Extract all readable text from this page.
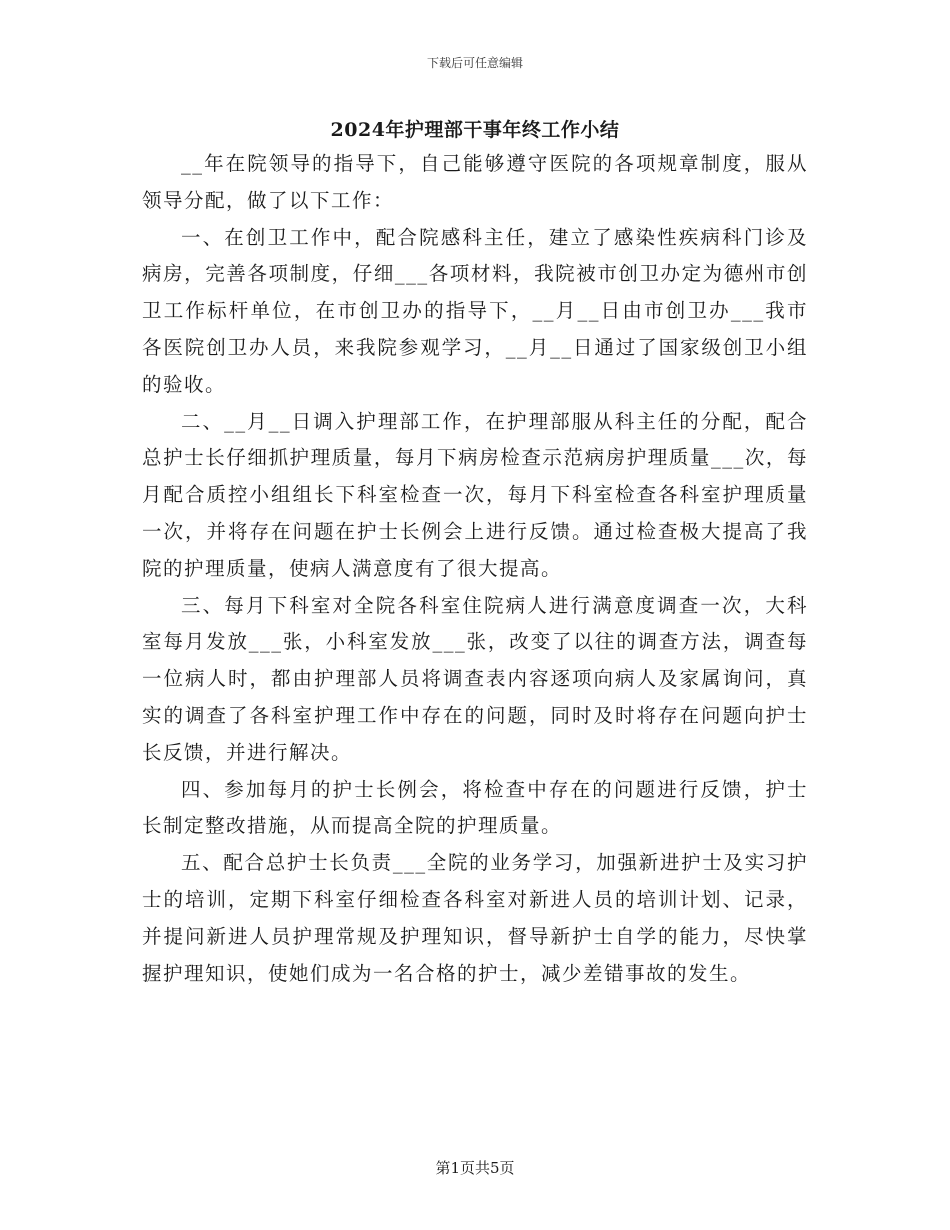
下载后可任意编辑
2024年护理部干事年终工作小结

__年在院领导的指导下，自己能够遵守医院的各项规章制度，服从领导分配，做了以下工作：

一、在创卫工作中，配合院感科主任，建立了感染性疾病科门诊及病房，完善各项制度，仔细___各项材料，我院被市创卫办定为德州市创卫工作标杆单位，在市创卫办的指导下，__月__日由市创卫办___我市各医院创卫办人员，来我院参观学习，__月__日通过了国家级创卫小组的验收。

二、__月__日调入护理部工作，在护理部服从科主任的分配，配合总护士长仔细抓护理质量，每月下病房检查示范病房护理质量___次，每月配合质控小组组长下科室检查一次，每月下科室检查各科室护理质量一次，并将存在问题在护士长例会上进行反馈。通过检查极大提高了我院的护理质量，使病人满意度有了很大提高。

三、每月下科室对全院各科室住院病人进行满意度调查一次，大科室每月发放___张，小科室发放___张，改变了以往的调查方法，调查每一位病人时，都由护理部人员将调查表内容逐项向病人及家属询问，真实的调查了各科室护理工作中存在的问题，同时及时将存在问题向护士长反馈，并进行解决。

四、参加每月的护士长例会，将检查中存在的问题进行反馈，护士长制定整改措施，从而提高全院的护理质量。

五、配合总护士长负责___全院的业务学习，加强新进护士及实习护士的培训，定期下科室仔细检查各科室对新进人员的培训计划、记录，并提问新进人员护理常规及护理知识，督导新护士自学的能力，尽快掌握护理知识，使她们成为一名合格的护士，减少差错事故的发生。

第1页共5页
